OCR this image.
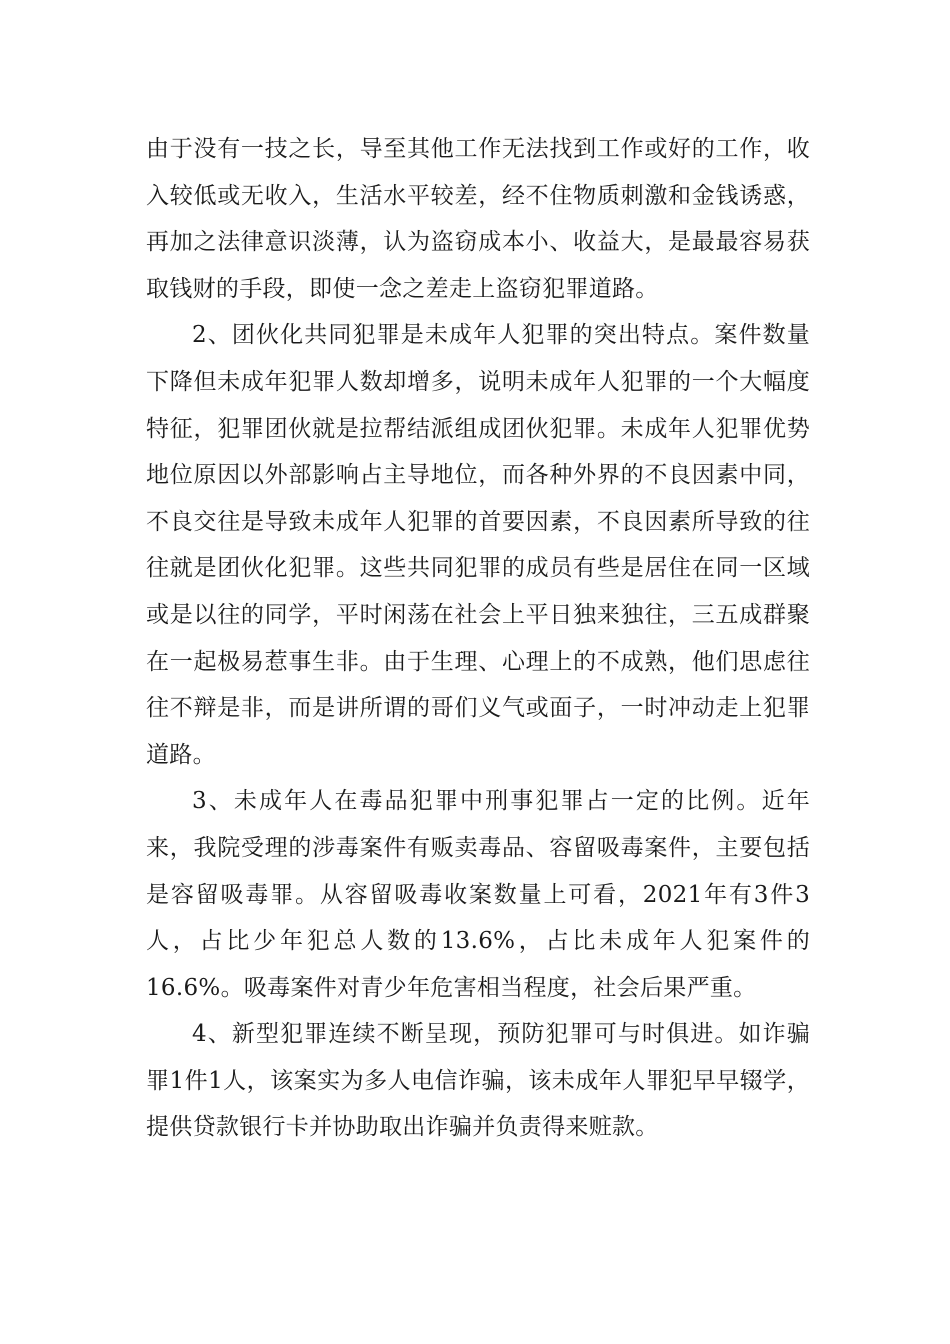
由于没有一技之长，导至其他工作无法找到工作或好的工作，收入较低或无收入，生活水平较差，经不住物质刺激和金钱诱惑，再加之法律意识淡薄，认为盗窃成本小、收益大，是最最容易获取钱财的手段，即使一念之差走上盗窃犯罪道路。

2、团伙化共同犯罪是未成年人犯罪的突出特点。案件数量下降但未成年犯罪人数却增多，说明未成年人犯罪的一个大幅度特征，犯罪团伙就是拉帮结派组成团伙犯罪。未成年人犯罪优势地位原因以外部影响占主导地位，而各种外界的不良因素中同，不良交往是导致未成年人犯罪的首要因素，不良因素所导致的往往就是团伙化犯罪。这些共同犯罪的成员有些是居住在同一区域或是以往的同学，平时闲荡在社会上平日独来独往，三五成群聚在一起极易惹事生非。由于生理、心理上的不成熟，他们思虑往往不辩是非，而是讲所谓的哥们义气或面子，一时冲动走上犯罪道路。

3、未成年人在毒品犯罪中刑事犯罪占一定的比例。近年来，我院受理的涉毒案件有贩卖毒品、容留吸毒案件，主要包括是容留吸毒罪。从容留吸毒收案数量上可看，2021年有3件3人，占比少年犯总人数的13.6%，占比未成年人犯案件的16.6%。吸毒案件对青少年危害相当程度，社会后果严重。

4、新型犯罪连续不断呈现，预防犯罪可与时俱进。如诈骗罪1件1人，该案实为多人电信诈骗，该未成年人罪犯早早辍学，提供贷款银行卡并协助取出诈骗并负责得来赃款。
